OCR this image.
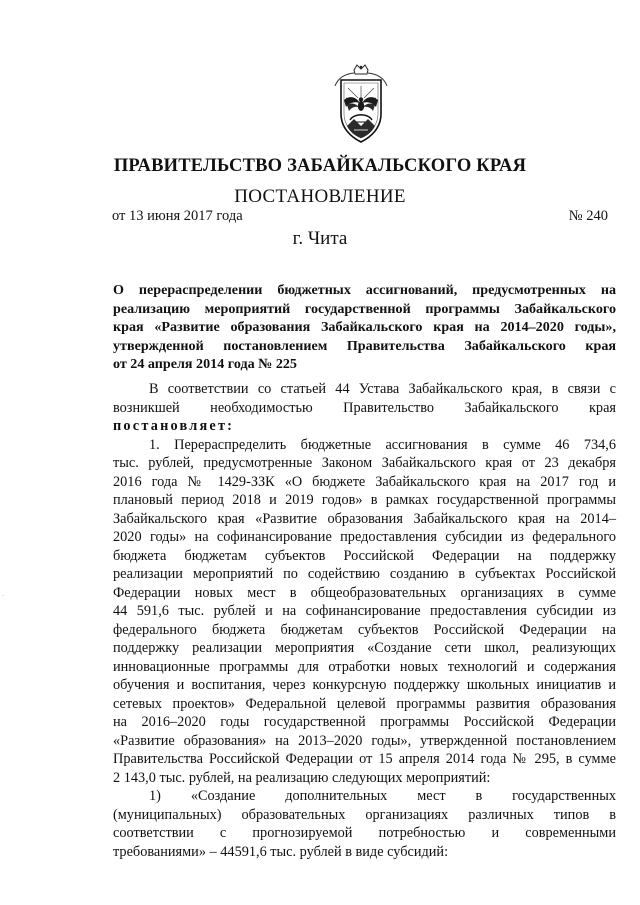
ПРАВИТЕЛЬСТВО ЗАБАЙКАЛЬСКОГО КРАЯ
ПОСТАНОВЛЕНИЕ
от 13 июня 2017 года	№ 240
г. Чита
О перераспределении бюджетных ассигнований, предусмотренных на
реализацию мероприятий государственной программы Забайкальского
края «Развитие образования Забайкальского края на 2014–2020 годы»,
утвержденной постановлением Правительства Забайкальского края
от 24 апреля 2014 года № 225
В соответствии со статьей 44 Устава Забайкальского края, в связи с
возникшей необходимостью Правительство Забайкальского края
постановляет:
1. Перераспределить бюджетные ассигнования в сумме 46 734,6
тыс. рублей, предусмотренные Законом Забайкальского края от 23 декабря
2016 года № 1429-ЗЗК «О бюджете Забайкальского края на 2017 год и
плановый период 2018 и 2019 годов» в рамках государственной программы
Забайкальского края «Развитие образования Забайкальского края на 2014–
2020 годы» на софинансирование предоставления субсидии из федерального
бюджета бюджетам субъектов Российской Федерации на поддержку
реализации мероприятий по содействию созданию в субъектах Российской
Федерации новых мест в общеобразовательных организациях в сумме
44 591,6 тыс. рублей и на софинансирование предоставления субсидии из
федерального бюджета бюджетам субъектов Российской Федерации на
поддержку реализации мероприятия «Создание сети школ, реализующих
инновационные программы для отработки новых технологий и содержания
обучения и воспитания, через конкурсную поддержку школьных инициатив и
сетевых проектов» Федеральной целевой программы развития образования
на 2016–2020 годы государственной программы Российской Федерации
«Развитие образования» на 2013–2020 годы», утвержденной постановлением
Правительства Российской Федерации от 15 апреля 2014 года № 295, в сумме
2 143,0 тыс. рублей, на реализацию следующих мероприятий:
1) «Создание дополнительных мест в государственных
(муниципальных) образовательных организациях различных типов в
соответствии с прогнозируемой потребностью и современными
требованиями» – 44591,6 тыс. рублей в виде субсидий:
·
